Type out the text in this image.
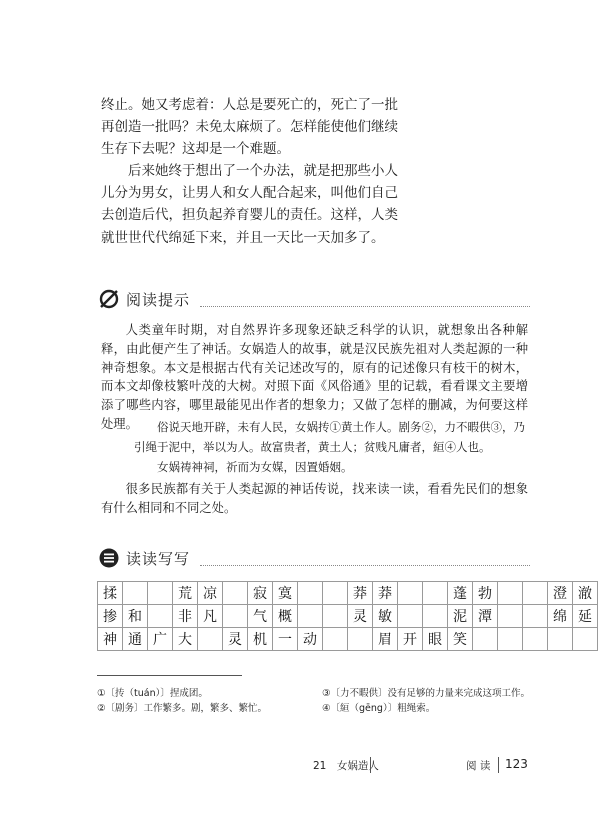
终止。她又考虑着：人总是要死亡的，死亡了一批再创造一批吗？未免太麻烦了。怎样能使他们继续生存下去呢？这却是一个难题。

后来她终于想出了一个办法，就是把那些小人儿分为男女，让男人和女人配合起来，叫他们自己去创造后代，担负起养育婴儿的责任。这样，人类就世世代代绵延下来，并且一天比一天加多了。

阅读提示

人类童年时期，对自然界许多现象还缺乏科学的认识，就想象出各种解释，由此便产生了神话。女娲造人的故事，就是汉民族先祖对人类起源的一种神奇想象。本文是根据古代有关记述改写的，原有的记述像只有枝干的树木，而本文却像枝繁叶茂的大树。对照下面《风俗通》里的记载，看看课文主要增添了哪些内容，哪里最能见出作者的想象力；又做了怎样的删减，为何要这样处理。	俗说天地开辟，未有人民，女娲抟①黄土作人。剧务②，力不暇供③，乃引绳于泥中，举以为人。故富贵者，黄土人；贫贱凡庸者，絙④人也。

女娲祷神祠，祈而为女媒，因置婚姻。

很多民族都有关于人类起源的神话传说，找来读一读，看看先民们的想象有什么相同和不同之处。

读读写写
揉			荒	凉		寂	寞			莽	莽			蓬	勃			澄	澈
掺	和		非	凡		气	概			灵	敏			泥	潭			绵	延
神	通	广	大		灵	机	一	动			眉	开	眼	笑					
①〔抟（tuán）〕捏成团。
②〔剧务〕工作繁多。剧，繁多、繁忙。
③〔力不暇供〕没有足够的力量来完成这项工作。
④〔絙（gēng）〕粗绳索。
21　女娲造人	阅 读 123
